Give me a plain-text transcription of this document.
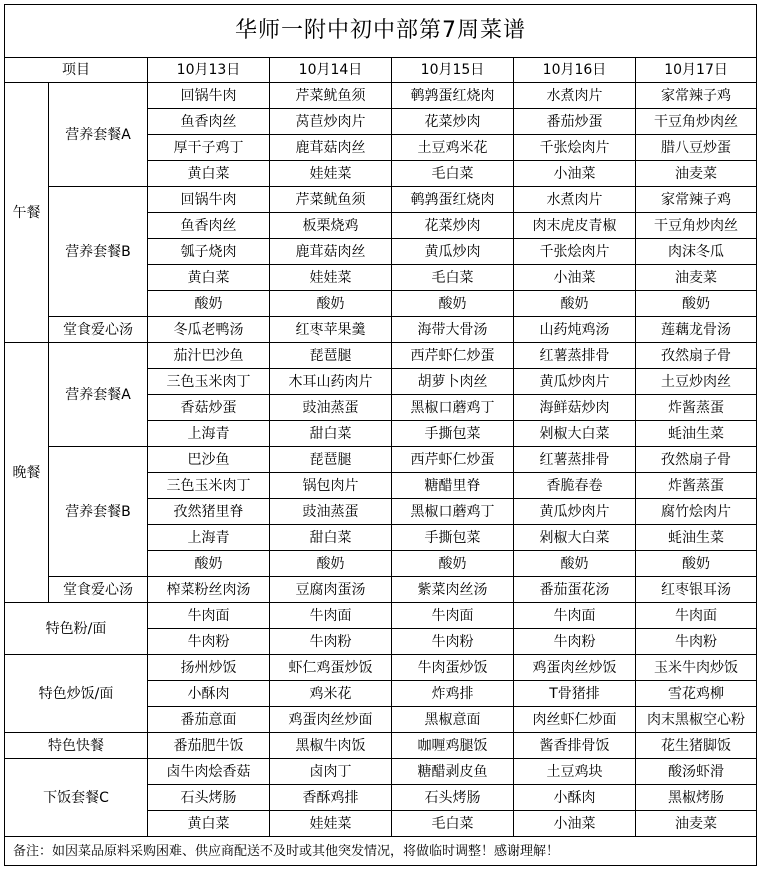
华师一附中初中部第7周菜谱						
项目		10月13日	10月14日	10月15日	10月16日	10月17日
午餐	营养套餐A	回锅牛肉	芹菜鱿鱼须	鹌鹑蛋红烧肉	水煮肉片	家常辣子鸡
		鱼香肉丝	莴苣炒肉片	花菜炒肉	番茄炒蛋	干豆角炒肉丝
		厚干子鸡丁	鹿茸菇肉丝	土豆鸡米花	千张烩肉片	腊八豆炒蛋
		黄白菜	娃娃菜	毛白菜	小油菜	油麦菜
	营养套餐B	回锅牛肉	芹菜鱿鱼须	鹌鹑蛋红烧肉	水煮肉片	家常辣子鸡
		鱼香肉丝	板栗烧鸡	花菜炒肉	肉末虎皮青椒	干豆角炒肉丝
		瓠子烧肉	鹿茸菇肉丝	黄瓜炒肉	千张烩肉片	肉沫冬瓜
		黄白菜	娃娃菜	毛白菜	小油菜	油麦菜
		酸奶	酸奶	酸奶	酸奶	酸奶
	堂食爱心汤	冬瓜老鸭汤	红枣苹果羹	海带大骨汤	山药炖鸡汤	莲藕龙骨汤
晚餐	营养套餐A	茄汁巴沙鱼	琵琶腿	西芹虾仁炒蛋	红薯蒸排骨	孜然扇子骨
		三色玉米肉丁	木耳山药肉片	胡萝卜肉丝	黄瓜炒肉片	土豆炒肉丝
		香菇炒蛋	豉油蒸蛋	黑椒口蘑鸡丁	海鲜菇炒肉	炸酱蒸蛋
		上海青	甜白菜	手撕包菜	剁椒大白菜	蚝油生菜
	营养套餐B	巴沙鱼	琵琶腿	西芹虾仁炒蛋	红薯蒸排骨	孜然扇子骨
		三色玉米肉丁	锅包肉片	糖醋里脊	香脆春卷	炸酱蒸蛋
		孜然猪里脊	豉油蒸蛋	黑椒口蘑鸡丁	黄瓜炒肉片	腐竹烩肉片
		上海青	甜白菜	手撕包菜	剁椒大白菜	蚝油生菜
		酸奶	酸奶	酸奶	酸奶	酸奶
	堂食爱心汤	榨菜粉丝肉汤	豆腐肉蛋汤	紫菜肉丝汤	番茄蛋花汤	红枣银耳汤
特色粉/面		牛肉面	牛肉面	牛肉面	牛肉面	牛肉面
		牛肉粉	牛肉粉	牛肉粉	牛肉粉	牛肉粉
特色炒饭/面		扬州炒饭	虾仁鸡蛋炒饭	牛肉蛋炒饭	鸡蛋肉丝炒饭	玉米牛肉炒饭
		小酥肉	鸡米花	炸鸡排	T骨猪排	雪花鸡柳
		番茄意面	鸡蛋肉丝炒面	黑椒意面	肉丝虾仁炒面	肉末黑椒空心粉
特色快餐		番茄肥牛饭	黑椒牛肉饭	咖喱鸡腿饭	酱香排骨饭	花生猪脚饭
下饭套餐C		卤牛肉烩香菇	卤肉丁	糖醋剥皮鱼	土豆鸡块	酸汤虾滑
		石头烤肠	香酥鸡排	石头烤肠	小酥肉	黑椒烤肠
		黄白菜	娃娃菜	毛白菜	小油菜	油麦菜
备注：如因菜品原料采购困难、供应商配送不及时或其他突发情况，将做临时调整！感谢理解！						
